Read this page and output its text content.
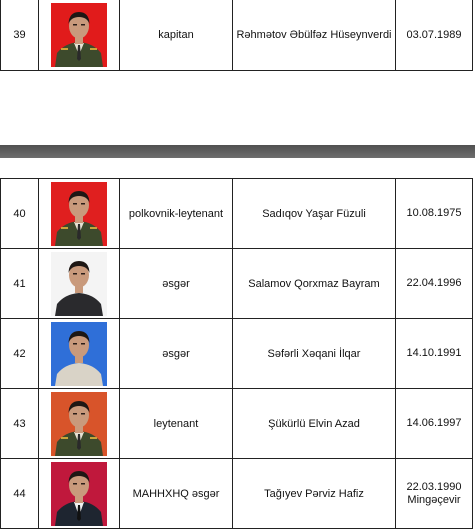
39		kapitan	Rəhmətov Əbülfəz Hüseynverdi	03.07.1989
40		polkovnik-leytenant	Sadıqov Yaşar Füzuli	10.08.1975
41		əsgər	Salamov Qorxmaz Bayram	22.04.1996
42		əsgər	Səfərli Xəqani İlqar	14.10.1991
43		leytenant	Şükürlü Elvin Azad	14.06.1997
44		MAHHXHQ əsgər	Tağıyev Pərviz Hafiz	22.03.1990
Mingəçevir
